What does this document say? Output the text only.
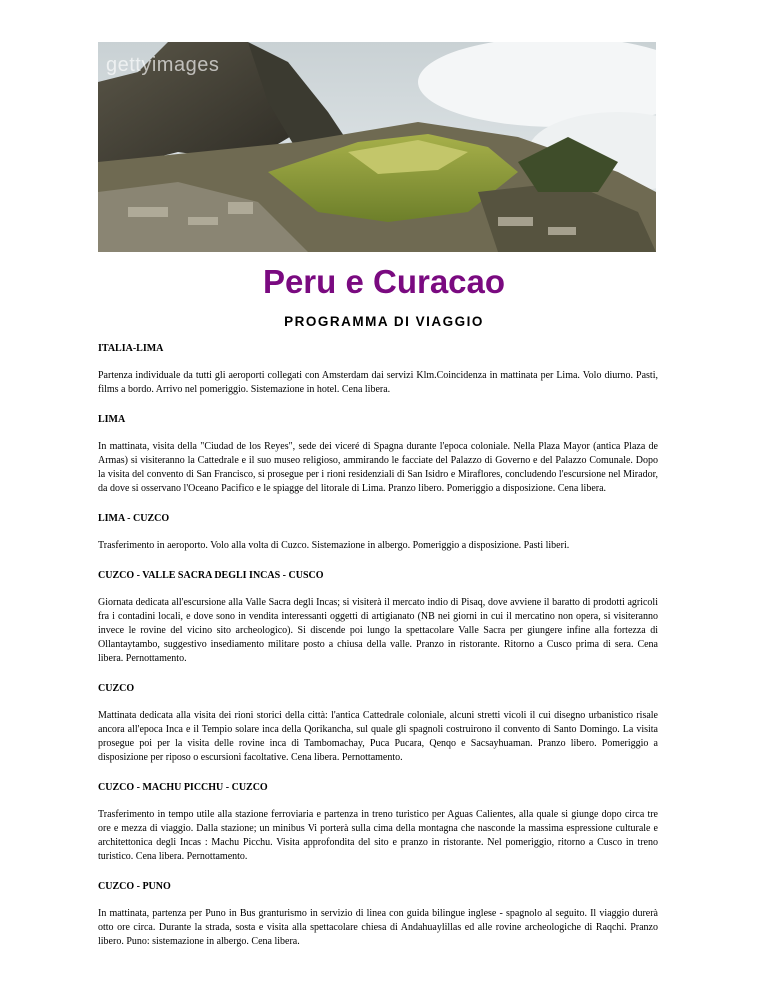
gettyimages
Peru e Curacao
PROGRAMMA DI VIAGGIO
ITALIA-LIMA
Partenza individuale da tutti gli aeroporti collegati con Amsterdam dai servizi Klm.Coincidenza in mattinata per Lima. Volo diurno. Pasti, films a bordo. Arrivo nel pomeriggio. Sistemazione in hotel. Cena libera.
LIMA
In mattinata, visita della "Ciudad de los Reyes", sede dei viceré di Spagna durante l'epoca coloniale. Nella Plaza Mayor (antica Plaza de Armas) si visiteranno la Cattedrale e il suo museo religioso, ammirando le facciate del Palazzo di Governo e del Palazzo Comunale. Dopo la visita del convento di San Francisco, si prosegue per i rioni residenziali di San Isidro e Miraflores, concludendo l'escursione nel Mirador, da dove si osservano l'Oceano Pacifico e le spiagge del litorale di Lima. Pranzo libero. Pomeriggio a disposizione. Cena libera.
LIMA - CUZCO
Trasferimento in aeroporto. Volo alla volta di Cuzco. Sistemazione in albergo. Pomeriggio a disposizione. Pasti liberi.
CUZCO - VALLE SACRA DEGLI INCAS - CUSCO
Giornata dedicata all'escursione alla Valle Sacra degli Incas; si visiterà il mercato indio di Pisaq, dove avviene il baratto di prodotti agricoli fra i contadini locali, e dove sono in vendita interessanti oggetti di artigianato (NB nei giorni in cui il mercatino non opera, si visiteranno invece le rovine del vicino sito archeologico). Si discende poi lungo la spettacolare Valle Sacra per giungere infine alla fortezza di Ollantaytambo, suggestivo insediamento militare posto a chiusa della valle. Pranzo in ristorante. Ritorno a Cusco prima di sera. Cena libera. Pernottamento.
CUZCO
Mattinata dedicata alla visita dei rioni storici della città: l'antica Cattedrale coloniale, alcuni stretti vicoli il cui disegno urbanistico risale ancora all'epoca Inca e il Tempio solare inca della Qorikancha, sul quale gli spagnoli costruirono il convento di Santo Domingo. La visita prosegue poi per la visita delle rovine inca di Tambomachay, Puca Pucara, Qenqo e Sacsayhuaman. Pranzo libero. Pomeriggio a disposizione per riposo o escursioni facoltative. Cena libera. Pernottamento.
CUZCO - MACHU PICCHU - CUZCO
Trasferimento in tempo utile alla stazione ferroviaria e partenza in treno turistico per Aguas Calientes, alla quale si giunge dopo circa tre ore e mezza di viaggio. Dalla stazione; un minibus Vi porterà sulla cima della montagna che nasconde la massima espressione culturale e architettonica degli Incas : Machu Picchu. Visita approfondita del sito e pranzo in ristorante. Nel pomeriggio, ritorno a Cusco in treno turistico. Cena libera. Pernottamento.
CUZCO - PUNO
In mattinata, partenza per Puno in Bus granturismo in servizio di linea con guida bilingue inglese - spagnolo al seguito. Il viaggio durerà otto ore circa. Durante la strada, sosta e visita alla spettacolare chiesa di Andahuaylillas ed alle rovine archeologiche di Raqchi. Pranzo libero. Puno: sistemazione in albergo. Cena libera.
